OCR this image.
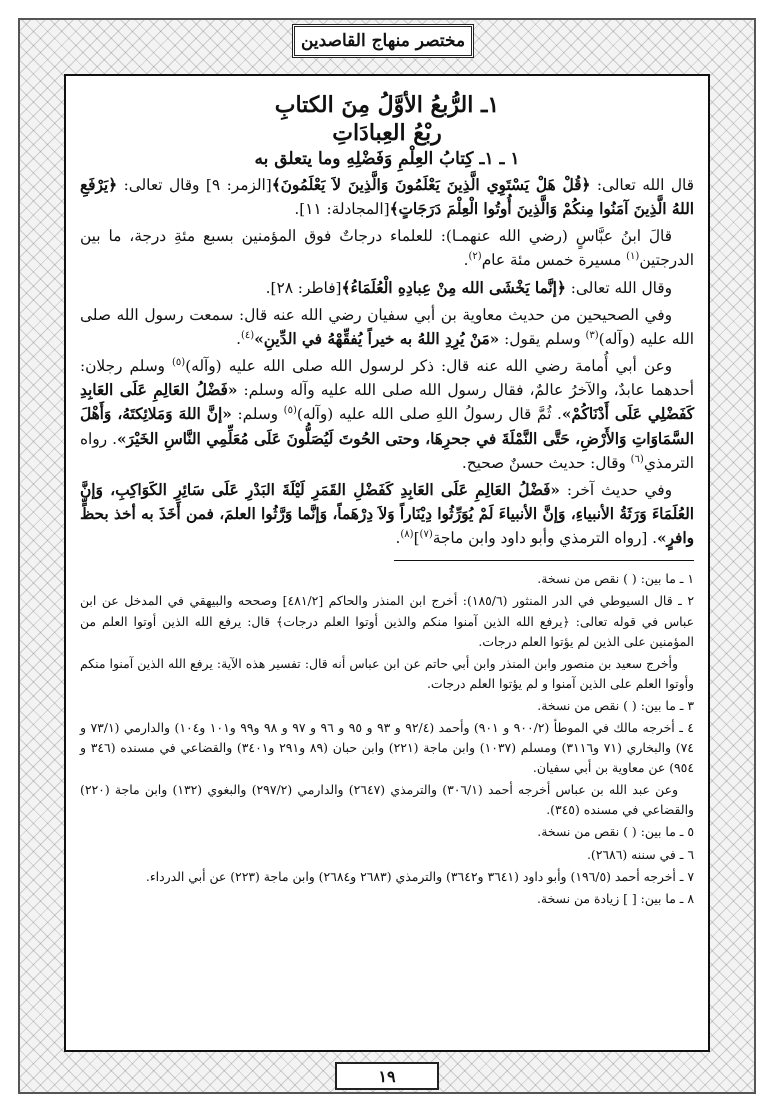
مختصر منهاج القاصدين
١ـ الرُّبعُ الأوَّلُ مِنَ الكتابِ
ربْعُ العِبادَاتِ
١ ـ ١ـ كِتابُ العِلْمِ وَفَضْلِهِ وما يتعلق به

قال الله تعالى: ﴿قُلْ هَلْ يَسْتَوِي الَّذِينَ يَعْلَمُونَ وَالَّذِينَ لاَ يَعْلَمُونَ﴾[الزمر: ٩] وقال تعالى: ﴿يَرْفَعِ اللهُ الَّذِينَ آمَنُوا مِنكُمْ وَالَّذِينَ أُوتُوا الْعِلْمَ دَرَجَاتٍ﴾[المجادلة: ١١].

قالَ ابنُ عبَّاسٍ (رضي الله عنهمـا): للعلماء درجاتٌ فوق المؤمنين بسبع مئةِ درجة، ما بين الدرجتين$^{(١)}$ مسيرة خمس مئة عام$^{(٢)}$.

وقال الله تعالى: ﴿إنَّما يَخْشَى الله مِنْ عِبادِهِ الْعُلَمَاءُ﴾[فاطر: ٢٨].

وفي الصحيحين من حديث معاوية بن أبي سفيان رضي الله عنه قال: سمعت رسول الله صلى الله عليه (وآله)$^{(٣)}$ وسلم يقول: «مَنْ يُرِدِ اللهُ به خيراً يُفقِّهْهُ في الدِّينِ»$^{(٤)}$.

وعن أبي أُمامة رضي الله عنه قال: ذكر لرسول الله صلى الله عليه (وآله)$^{(٥)}$ وسلم رجلان: أحدهما عابدٌ، والآخرُ عالمٌ، فقال رسول الله صلى الله عليه وآله وسلم: «فَضْلُ العَالِمِ عَلَى العَابِدِ كَفَضْلِي عَلَى أَدْنَاكُمْ». ثُمَّ قال رسولُ اللهِ صلى الله عليه (وآله)$^{(٥)}$ وسلم: «إنَّ اللهَ وَمَلائِكتَهُ، وَأَهْلَ السَّمَاوَاتِ وَالأَرْضِ، حَتَّى النَّمْلَةَ في جحرِهَا، وحتى الحُوتَ لَيُصَلُّونَ عَلَى مُعَلِّمِي النَّاسِ الخَيْرَ». رواه الترمذي$^{(٦)}$ وقال: حديث حسنٌ صحيح.

وفي حديث آخر: «فَضْلُ العَالِمِ عَلَى العَابِدِ كَفَضْلِ القَمَرِ لَيْلَةَ البَدْرِ عَلَى سَائِرِ الكَوَاكِبِ، وَإنَّ العُلَمَاءَ وَرَثَةُ الأنبياءِ، وَإنَّ الأنبياءَ لَمْ يُوَرِّثُوا دِيْنَاراً وَلاَ دِرْهَماً، وَإنَّما وَرَّثُوا العلمَ، فمن أَخَذَ به أخذ بحظٍّ وافرٍ». [رواه الترمذي وأبو داود وابن ماجة$^{(٧)}$]$^{(٨)}$.

١ ـ ما بين: ( ) نقص من نسخة.

٢ ـ قال السيوطي في الدر المنثور (١٨٥/٦): أخرج ابن المنذر والحاكم [٤٨١/٢] وصححه والبيهقي في المدخل عن ابن عباس في قوله تعالى: ﴿يرفع الله الذين آمنوا منكم والذين أوتوا العلم درجات﴾ قال: يرفع الله الذين أوتوا العلم من المؤمنين على الذين لم يؤتوا العلم درجات.

وأخرج سعيد بن منصور وابن المنذر وابن أبي حاتم عن ابن عباس أنه قال: تفسير هذه الآية: يرفع الله الذين آمنوا منكم وأوتوا العلم على الذين آمنوا و لم يؤتوا العلم درجات.

٣ ـ ما بين: ( ) نقص من نسخة.

٤ ـ أخرجه مالك في الموطأ (٩٠٠/٢ و ٩٠١) وأحمد (٩٢/٤ و ٩٣ و ٩٥ و ٩٦ و ٩٧ و ٩٨ و٩٩ و١٠١ و١٠٤) والدارمي (٧٣/١ و ٧٤) والبخاري (٧١ و٣١١٦) ومسلم (١٠٣٧) وابن ماجة (٢٢١) وابن حبان (٨٩ و٢٩١ و٣٤٠١) والقضاعي في مسنده (٣٤٦ و ٩٥٤) عن معاوية بن أبي سفيان.

وعن عبد الله بن عباس أخرجه أحمد (٣٠٦/١) والترمذي (٢٦٤٧) والدارمي (٢٩٧/٢) والبغوي (١٣٢) وابن ماجة (٢٢٠) والقضاعي في مسنده (٣٤٥).

٥ ـ ما بين: ( ) نقص من نسخة.

٦ ـ في سننه (٢٦٨٦).

٧ ـ أخرجه أحمد (١٩٦/٥) وأبو داود (٣٦٤١ و٣٦٤٢) والترمذي (٢٦٨٣ و٢٦٨٤) وابن ماجة (٢٢٣) عن أبي الدرداء.

٨ ـ ما بين: [ ] زيادة من نسخة.

١٩
